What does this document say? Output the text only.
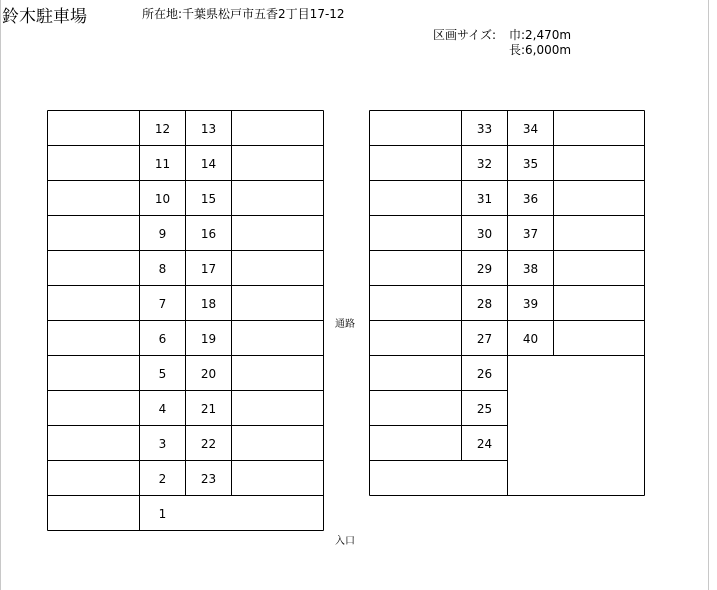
鈴木駐車場	所在地:千葉県松戸市五香2丁目17-12
区画サイズ: 巾:2,470m
長:6,000m
12
11
10
9
8
7
6
5
4
3
2
1
13
14
15
16
17
18
19
20
21
22
23
33
32
31
30
29
28
27
26
25
24
34
35
36
37
38
39
40
通路
入口
